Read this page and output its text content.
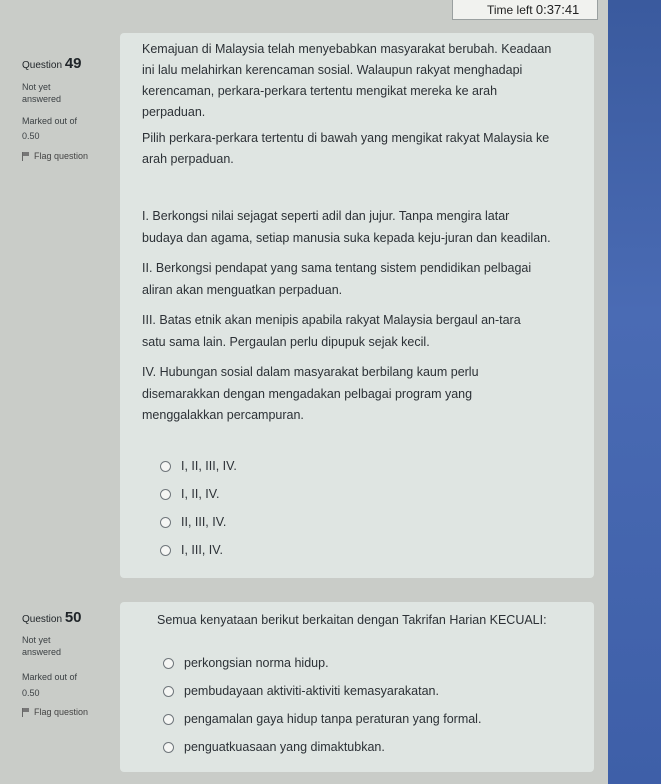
Time left 0:37:41
Question 49
Not yet
answered
Marked out of
0.50
Flag question
Kemajuan di Malaysia telah menyebabkan masyarakat berubah. Keadaan
ini lalu melahirkan kerencaman sosial. Walaupun rakyat menghadapi
kerencaman, perkara-perkara tertentu mengikat mereka ke arah
perpaduan.
Pilih perkara-perkara tertentu di bawah yang mengikat rakyat Malaysia ke
arah perpaduan.
I. Berkongsi nilai sejagat seperti adil dan jujur. Tanpa mengira latar
budaya dan agama, setiap manusia suka kepada keju-juran dan keadilan.
II. Berkongsi pendapat yang sama tentang sistem pendidikan pelbagai
aliran akan menguatkan perpaduan.
III. Batas etnik akan menipis apabila rakyat Malaysia bergaul an-tara
satu sama lain. Pergaulan perlu dipupuk sejak kecil.
IV. Hubungan sosial dalam masyarakat berbilang kaum perlu
disemarakkan dengan mengadakan pelbagai program yang
menggalakkan percampuran.
I, II, III, IV.
I, II, IV.
II, III, IV.
I, III, IV.
Question 50
Not yet
answered
Marked out of
0.50
Flag question
Semua kenyataan berikut berkaitan dengan Takrifan Harian KECUALI:
perkongsian norma hidup.
pembudayaan aktiviti-aktiviti kemasyarakatan.
pengamalan gaya hidup tanpa peraturan yang formal.
penguatkuasaan yang dimaktubkan.
